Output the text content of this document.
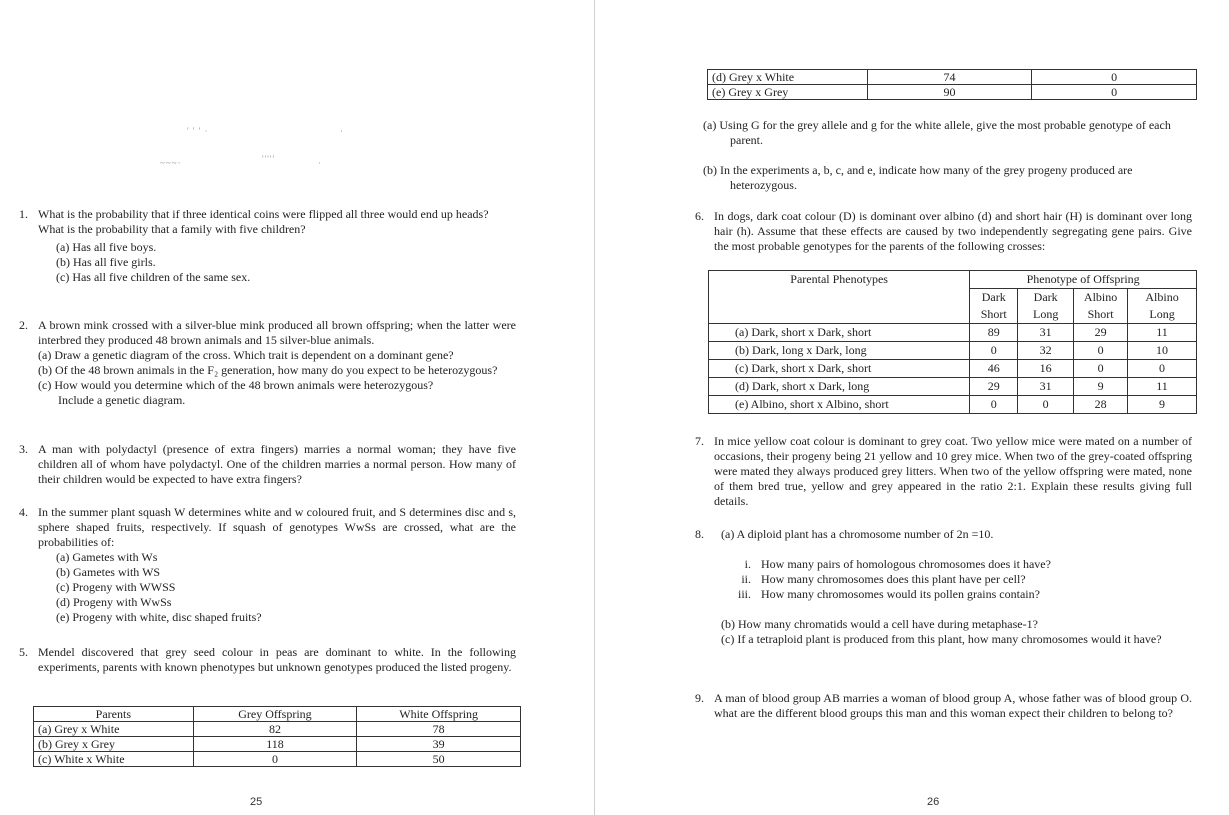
' ' ' ·	·
~~~·	'''''	·
1. What is the probability that if three identical coins were flipped all three would end up heads?
What is the probability that a family with five children?
(a) Has all five boys.
(b) Has all five girls.
(c) Has all five children of the same sex.
2. A brown mink crossed with a silver-blue mink produced all brown offspring; when the latter were interbred they produced 48 brown animals and 15 silver-blue animals.
(a) Draw a genetic diagram of the cross. Which trait is dependent on a dominant gene?
(b) Of the 48 brown animals in the F₂ generation, how many do you expect to be heterozygous?
(c) How would you determine which of the 48 brown animals were heterozygous?
Include a genetic diagram.
3. A man with polydactyl (presence of extra fingers) marries a normal woman; they have five children all of whom have polydactyl. One of the children marries a normal person. How many of their children would be expected to have extra fingers?
4. In the summer plant squash W determines white and w coloured fruit, and S determines disc and s, sphere shaped fruits, respectively. If squash of genotypes WwSs are crossed, what are the probabilities of:
(a) Gametes with Ws
(b) Gametes with WS
(c) Progeny with WWSS
(d) Progeny with WwSs
(e) Progeny with white, disc shaped fruits?
5. Mendel discovered that grey seed colour in peas are dominant to white. In the following experiments, parents with known phenotypes but unknown genotypes produced the listed progeny.
Parents	Grey Offspring	White Offspring
(a) Grey x White	82	78
(b) Grey x Grey	118	39
(c) White x White	0	50
25
(d) Grey x White	74	0
(e) Grey x Grey	90	0
(a) Using G for the grey allele and g for the white allele, give the most probable genotype of each parent.
(b) In the experiments a, b, c, and e, indicate how many of the grey progeny produced are heterozygous.
6. In dogs, dark coat colour (D) is dominant over albino (d) and short hair (H) is dominant over long hair (h). Assume that these effects are caused by two independently segregating gene pairs. Give the most probable genotypes for the parents of the following crosses:
Parental Phenotypes	Phenotype of Offspring			
	Dark	Dark	Albino	Albino
	Short	Long	Short	Long
(a) Dark, short x Dark, short	89	31	29	11
(b) Dark, long x Dark, long	0	32	0	10
(c) Dark, short x Dark, short	46	16	0	0
(d) Dark, short x Dark, long	29	31	9	11
(e) Albino, short x Albino, short	0	0	28	9
7. In mice yellow coat colour is dominant to grey coat. Two yellow mice were mated on a number of occasions, their progeny being 21 yellow and 10 grey mice. When two of the grey-coated offspring were mated they always produced grey litters. When two of the yellow offspring were mated, none of them bred true, yellow and grey appeared in the ratio 2:1. Explain these results giving full details.
8. (a) A diploid plant has a chromosome number of 2n =10.
i. How many pairs of homologous chromosomes does it have?
ii. How many chromosomes does this plant have per cell?
iii. How many chromosomes would its pollen grains contain?
(b) How many chromatids would a cell have during metaphase-1?
(c) If a tetraploid plant is produced from this plant, how many chromosomes would it have?
9. A man of blood group AB marries a woman of blood group A, whose father was of blood group O. what are the different blood groups this man and this woman expect their children to belong to?
26
